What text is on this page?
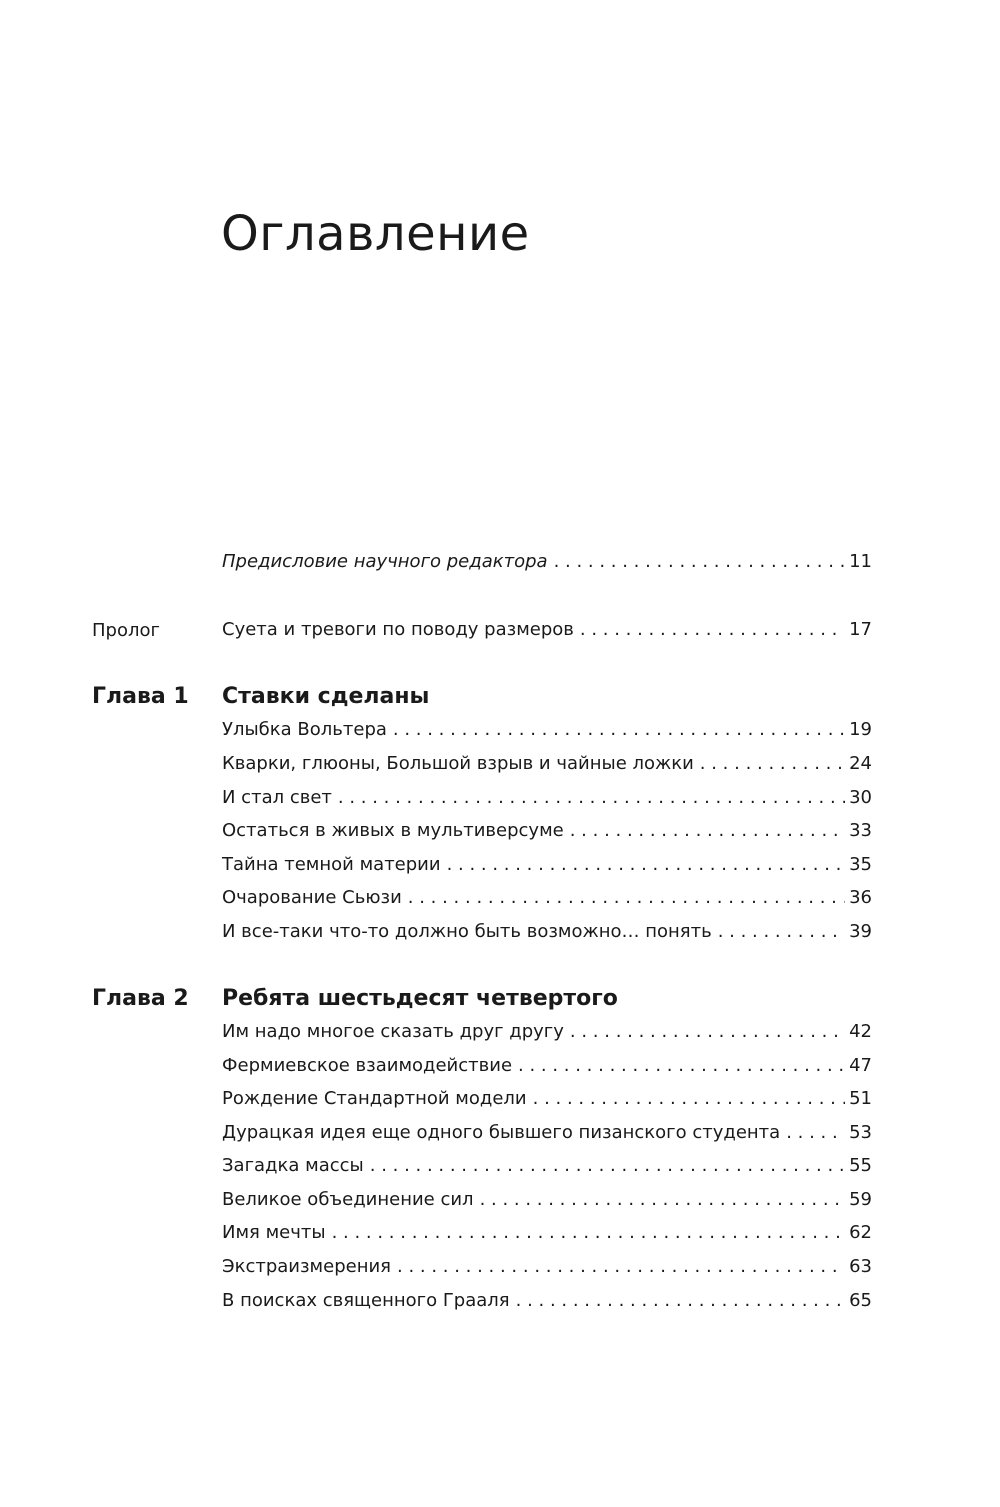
Оглавление
Предисловие научного редактора . . .	11
Пролог	Суета и тревоги по поводу размеров . . .	17
Глава 1 Ставки сделаны
Улыбка Вольтера . . .	19
Кварки, глюоны, Большой взрыв и чайные ложки . . .	24
И стал свет . . .	30
Остаться в живых в мультиверсуме . . .	33
Тайна темной материи . . .	35
Очарование Сьюзи . . .	36
И все-таки что-то должно быть возможно… понять . . .	39
Глава 2 Ребята шестьдесят четвертого
Им надо многое сказать друг другу . . .	42
Фермиевское взаимодействие . . .	47
Рождение Стандартной модели . . .	51
Дурацкая идея еще одного бывшего пизанского студента . . .	53
Загадка массы . . .	55
Великое объединение сил . . .	59
Имя мечты . . .	62
Экстраизмерения . . .	63
В поисках священного Грааля . . .	65
